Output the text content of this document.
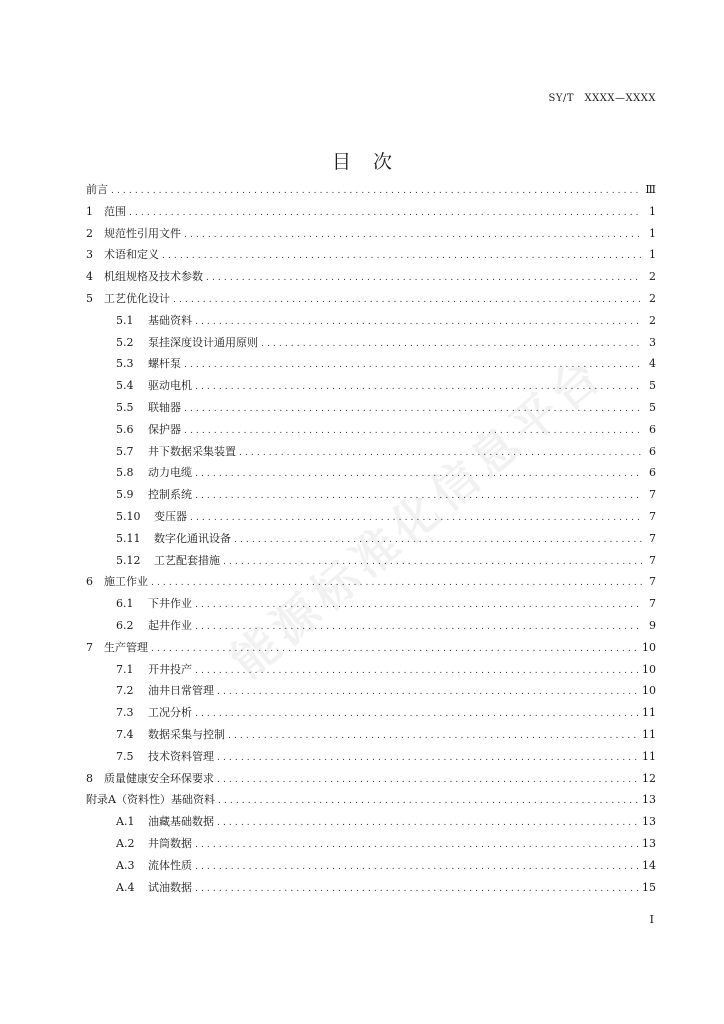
能源标准化信息平台
SY/T　XXXX—XXXX
目次
前言 .....	Ⅲ
1	范围 .....	1
2	规范性引用文件 .....	1
3	术语和定义 .....	1
4	机组规格及技术参数 .....	2
5	工艺优化设计 .....	2
5.1	基础资料 .....	2
5.2	泵挂深度设计通用原则 .....	3
5.3	螺杆泵 .....	4
5.4	驱动电机 .....	5
5.5	联轴器 .....	5
5.6	保护器 .....	6
5.7	井下数据采集装置 .....	6
5.8	动力电缆 .....	6
5.9	控制系统 .....	7
5.10	变压器 .....	7
5.11	数字化通讯设备 .....	7
5.12	工艺配套措施 .....	7
6	施工作业 .....	7
6.1	下井作业 .....	7
6.2	起井作业 .....	9
7	生产管理 .....	10
7.1	开井投产 .....	10
7.2	油井日常管理 .....	10
7.3	工况分析 .....	11
7.4	数据采集与控制 .....	11
7.5	技术资料管理 .....	11
8	质量健康安全环保要求 .....	12
附录A（资料性）基础资料 .....	13
A.1	油藏基础数据 .....	13
A.2	井筒数据 .....	13
A.3	流体性质 .....	14
A.4	试油数据 .....	15
I
